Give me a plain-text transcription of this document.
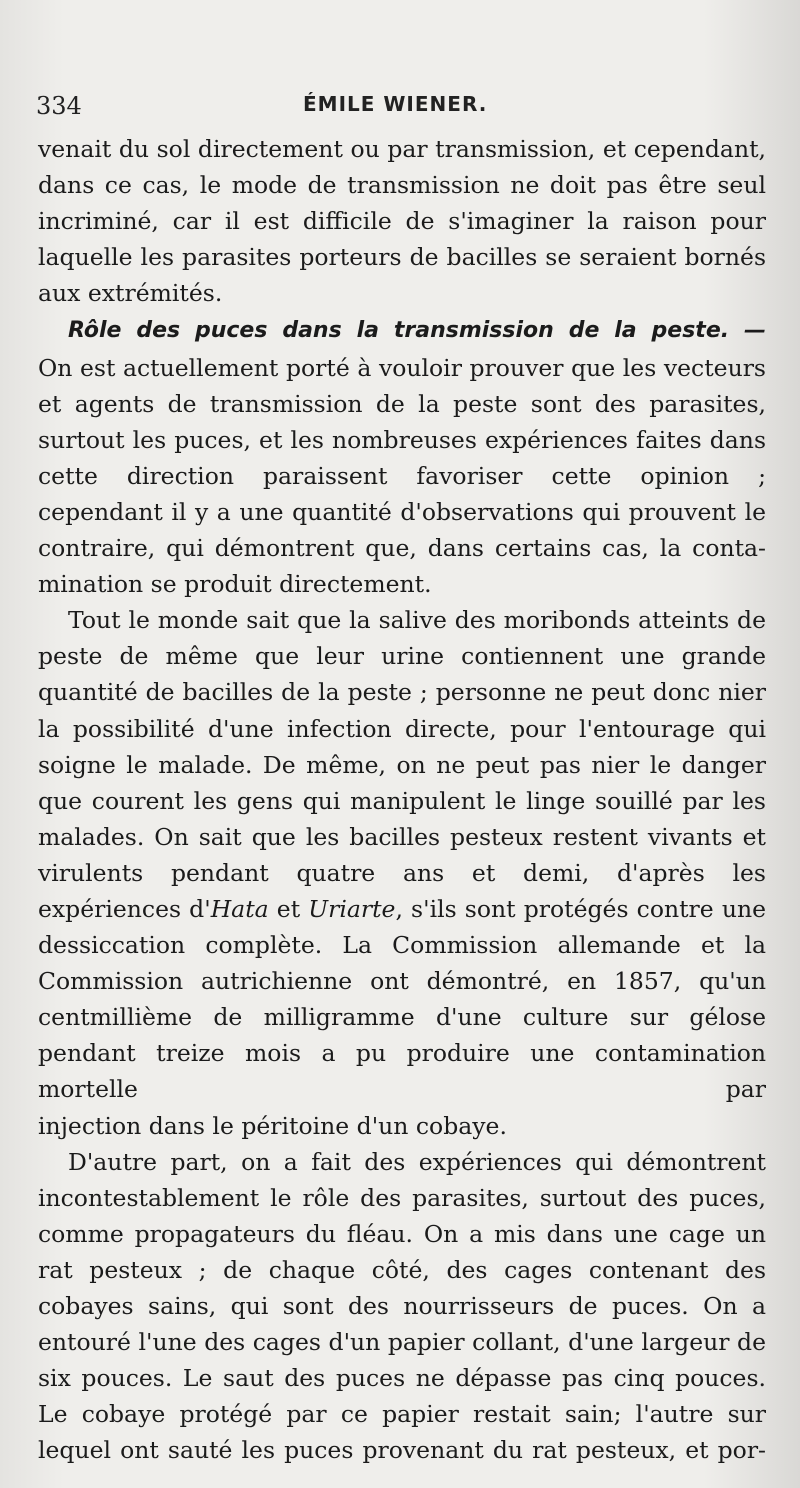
334	ÉMILE WIENER.

venait du sol directement ou par transmission, et cependant, dans ce cas, le mode de transmission ne doit pas être seul incriminé, car il est difficile de s'imaginer la raison pour laquelle les parasites porteurs de bacilles se seraient bornés

aux extrémités.

Rôle des puces dans la transmission de la peste. —

On est actuellement porté à vouloir prouver que les vecteurs et agents de transmission de la peste sont des parasites, surtout les puces, et les nombreuses expériences faites dans cette direction paraissent favoriser cette opinion ; cependant il y a une quantité d'observations qui prouvent le contraire, qui démontrent que, dans certains cas, la conta-

mination se produit directement.

Tout le monde sait que la salive des moribonds atteints de peste de même que leur urine contiennent une grande quantité de bacilles de la peste ; personne ne peut donc nier la possibilité d'une infection directe, pour l'entourage qui soigne le malade. De même, on ne peut pas nier le danger que courent les gens qui manipulent le linge souillé par les malades. On sait que les bacilles pesteux restent vivants et virulents pendant quatre ans et demi, d'après les expériences d'Hata et Uriarte, s'ils sont protégés contre une dessiccation complète. La Commission allemande et la Commission autrichienne ont démontré, en 1857, qu'un centmillième de milligramme d'une culture sur gélose pendant treize mois a pu produire une contamination mortelle par

injection dans le péritoine d'un cobaye.

D'autre part, on a fait des expériences qui démontrent incontestablement le rôle des parasites, surtout des puces, comme propagateurs du fléau. On a mis dans une cage un rat pesteux ; de chaque côté, des cages contenant des cobayes sains, qui sont des nourrisseurs de puces. On a entouré l'une des cages d'un papier collant, d'une largeur de six pouces. Le saut des puces ne dépasse pas cinq pouces. Le cobaye protégé par ce papier restait sain; l'autre sur lequel ont sauté les puces provenant du rat pesteux, et por-
